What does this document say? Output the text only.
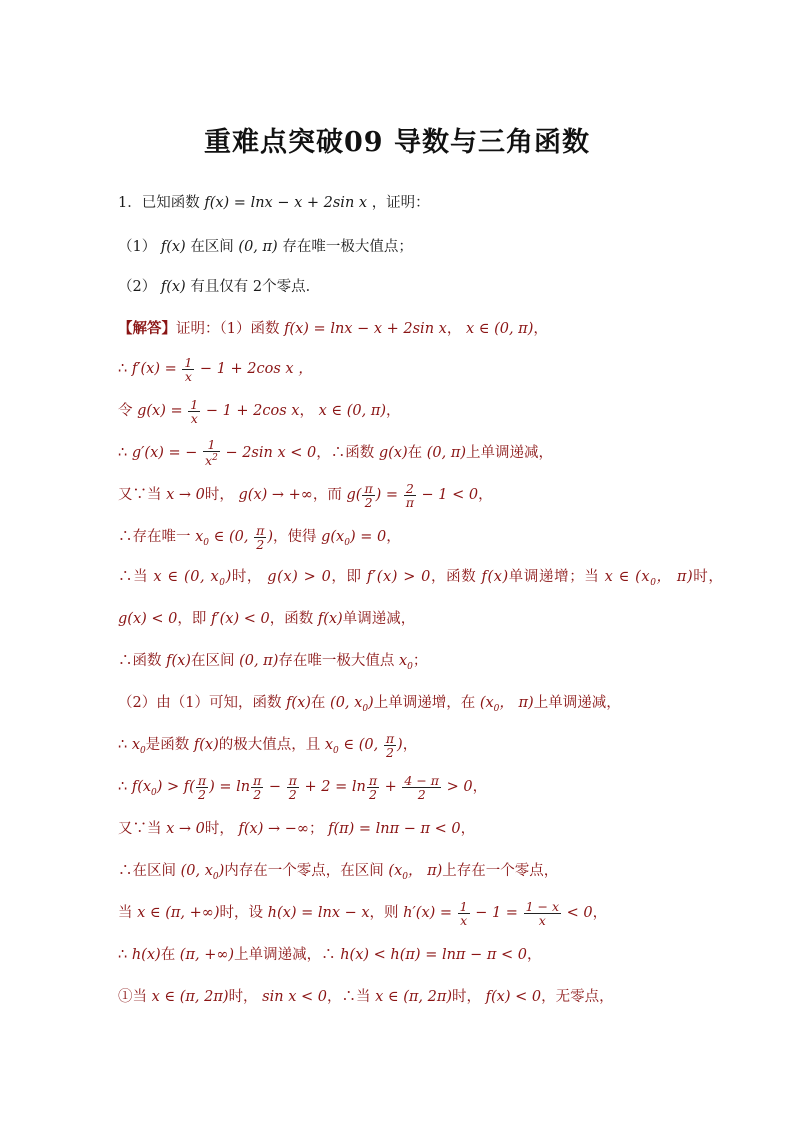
重难点突破09 导数与三角函数
1．已知函数 f(x) = lnx − x + 2sin x ，证明：
（1） f(x) 在区间 (0, π) 存在唯一极大值点；
（2） f(x) 有且仅有 2个零点．
【解答】证明：（1）函数 f(x) = lnx − x + 2sin x， x ∈ (0, π)，
∴ $f'(x) = \frac{1}{x} - 1 + 2\cos$ x ，
令 $g(x) = \frac{1}{x} - 1 + 2\cos$ x， x ∈ (0, π)，
∴ g′(x) = − $\frac{1}{x^2} - 2\sin$ x < 0，∴函数 g(x)在 (0, π)上单调递减，
又∵当 x → 0时， g(x) → +∞，而 $g( \frac{\pi}{2}$ ) = $\frac{2}{\pi} - 1 < 0$，
∴存在唯一 $x_0$ ∈ (0, $\frac{\pi}{2}$ )，使得 $g(x_0) = 0$，
∴当 x ∈ (0, $x_0$)时， g(x) > 0，即 f′(x) > 0，函数 f(x)单调递增；当 x ∈ ($x_0$， π)时，
g(x) < 0，即 f′(x) < 0，函数 f(x)单调递减，
∴函数 f(x)在区间 (0, π)存在唯一极大值点 $x_0$；
（2）由（1）可知，函数 f(x)在 (0, $x_0$)上单调递增，在 ($x_0$， π)上单调递减，
∴ $x_0$是函数 f(x)的极大值点，且 $x_0$ ∈ (0, $\frac{\pi}{2}$ )，
∴ $f(x_0) > f( \frac{\pi}{2}$ ) = $\ln \frac{\pi}{2} - \frac{\pi}{2} + 2 = \ln \frac{\pi}{2} + \frac{4 - \pi}{2} > 0$，
又∵当 x → 0时， f(x) → −∞； f(π) = lnπ − π < 0，
∴在区间 (0, $x_0$)内存在一个零点，在区间 ($x_0$， π)上存在一个零点，
当 x ∈ (π, +∞)时，设 h(x) = lnx − x，则 $h'(x) = \frac{1}{x} - 1 = \frac{1 - x}{x} < 0$，
∴ h(x)在 (π, +∞)上单调递减，∴ h(x) < h(π) = lnπ − π < 0，
①当 x ∈ (π, 2π)时， sin x < 0，∴当 x ∈ (π, 2π)时， f(x) < 0，无零点，
